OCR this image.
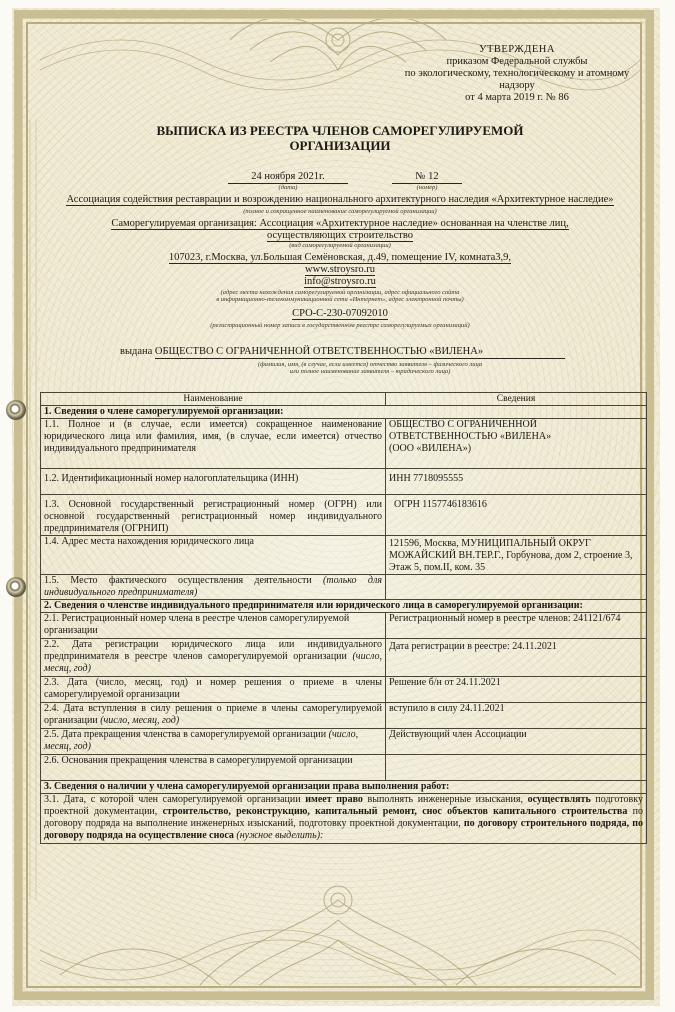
УТВЕРЖДЕНА
приказом Федеральной службы
по экологическому, технологическому и атомному
надзору
от 4 марта 2019 г. № 86
ВЫПИСКА ИЗ РЕЕСТРА ЧЛЕНОВ САМОРЕГУЛИРУЕМОЙ
ОРГАНИЗАЦИИ
24 ноября 2021г.
(дата)
№ 12
(номер)
Ассоциация содействия реставрации и возрождению национального архитектурного наследия «Архитектурное наследие»
(полное и сокращенное наименование саморегулируемой организации)
Саморегулируемая организация: Ассоциация «Архитектурное наследие» основанная на членстве лиц,
осуществляющих строительство
(вид саморегулируемой организации)
107023, г.Москва, ул.Большая Семёновская, д.49, помещение IV, комната3,9,
www.stroysro.ru
info@stroysro.ru
(адрес места нахождения саморегулируемой организации, адрес официального сайта
в информационно-телекоммуникационной сети «Интернет», адрес электронной почты)
СРО-С-230-07092010
(регистрационный номер записи в государственном реестре саморегулируемых организаций)
выдана ОБЩЕСТВО С ОГРАНИЧЕННОЙ ОТВЕТСТВЕННОСТЬЮ «ВИЛЕНА»
(фамилия, имя, (в случае, если имеется) отчество заявителя – физического лица
или полное наименование заявителя – юридического лица)
Наименование	Сведения
1. Сведения о члене саморегулируемой организации:	
1.1. Полное и (в случае, если имеется) сокращенное наименование юридического лица или фамилия, имя, (в случае, если имеется) отчество индивидуального предпринимателя	ОБЩЕСТВО С ОГРАНИЧЕННОЙ
ОТВЕТСТВЕННОСТЬЮ «ВИЛЕНА»
(ООО «ВИЛЕНА»)

1.2. Идентификационный номер налогоплательщика (ИНН)	ИНН 7718095555
1.3. Основной государственный регистрационный номер (ОГРН) или основной государственный регистрационный номер индивидуального предпринимателя (ОГРНИП)	ОГРН 1157746183616
1.4. Адрес места нахождения юридического лица	121596, Москва, МУНИЦИПАЛЬНЫЙ ОКРУГ МОЖАЙСКИЙ ВН.ТЕР.Г., Горбунова, дом 2, строение 3, Этаж 5, пом.II, ком. 35
1.5. Место фактического осуществления деятельности (только для индивидуального предпринимателя)	
2. Сведения о членстве индивидуального предпринимателя или юридического лица в саморегулируемой организации:	
2.1. Регистрационный номер члена в реестре членов саморегулируемой организации	Регистрационный номер в реестре членов: 241121/674
2.2. Дата регистрации юридического лица или индивидуального предпринимателя в реестре членов саморегулируемой организации (число, месяц, год)	Дата регистрации в реестре: 24.11.2021
2.3. Дата (число, месяц, год) и номер решения о приеме в члены саморегулируемой организации	Решение б/н от 24.11.2021
2.4. Дата вступления в силу решения о приеме в члены саморегулируемой организации (число, месяц, год)	вступило в силу 24.11.2021
2.5. Дата прекращения членства в саморегулируемой организации (число, месяц, год)	Действующий член Ассоциации
2.6. Основания прекращения членства в саморегулируемой организации	
3. Сведения о наличии у члена саморегулируемой организации права выполнения работ:	
3.1. Дата, с которой член саморегулируемой организации имеет право выполнять инженерные изыскания, осуществлять подготовку проектной документации, строительство, реконструкцию, капитальный ремонт, снос объектов капитального строительства по договору подряда на выполнение инженерных изысканий, подготовку проектной документации, по договору строительного подряда, по договору подряда на осуществление сноса (нужное выделить):	
